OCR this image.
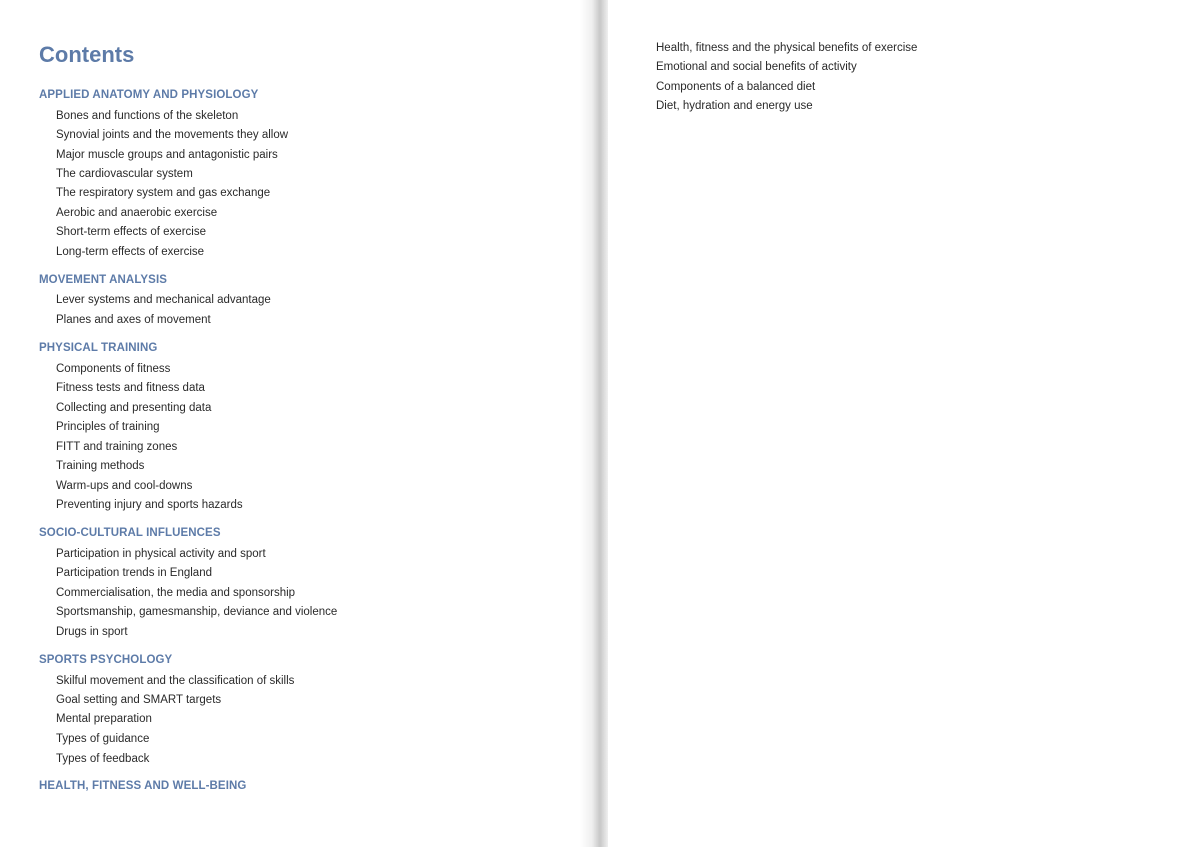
Contents
APPLIED ANATOMY AND PHYSIOLOGY
Bones and functions of the skeleton
Synovial joints and the movements they allow
Major muscle groups and antagonistic pairs
The cardiovascular system
The respiratory system and gas exchange
Aerobic and anaerobic exercise
Short-term effects of exercise
Long-term effects of exercise
MOVEMENT ANALYSIS
Lever systems and mechanical advantage
Planes and axes of movement
PHYSICAL TRAINING
Components of fitness
Fitness tests and fitness data
Collecting and presenting data
Principles of training
FITT and training zones
Training methods
Warm-ups and cool-downs
Preventing injury and sports hazards
SOCIO-CULTURAL INFLUENCES
Participation in physical activity and sport
Participation trends in England
Commercialisation, the media and sponsorship
Sportsmanship, gamesmanship, deviance and violence
Drugs in sport
SPORTS PSYCHOLOGY
Skilful movement and the classification of skills
Goal setting and SMART targets
Mental preparation
Types of guidance
Types of feedback
HEALTH, FITNESS AND WELL-BEING
Health, fitness and the physical benefits of exercise
Emotional and social benefits of activity
Components of a balanced diet
Diet, hydration and energy use
